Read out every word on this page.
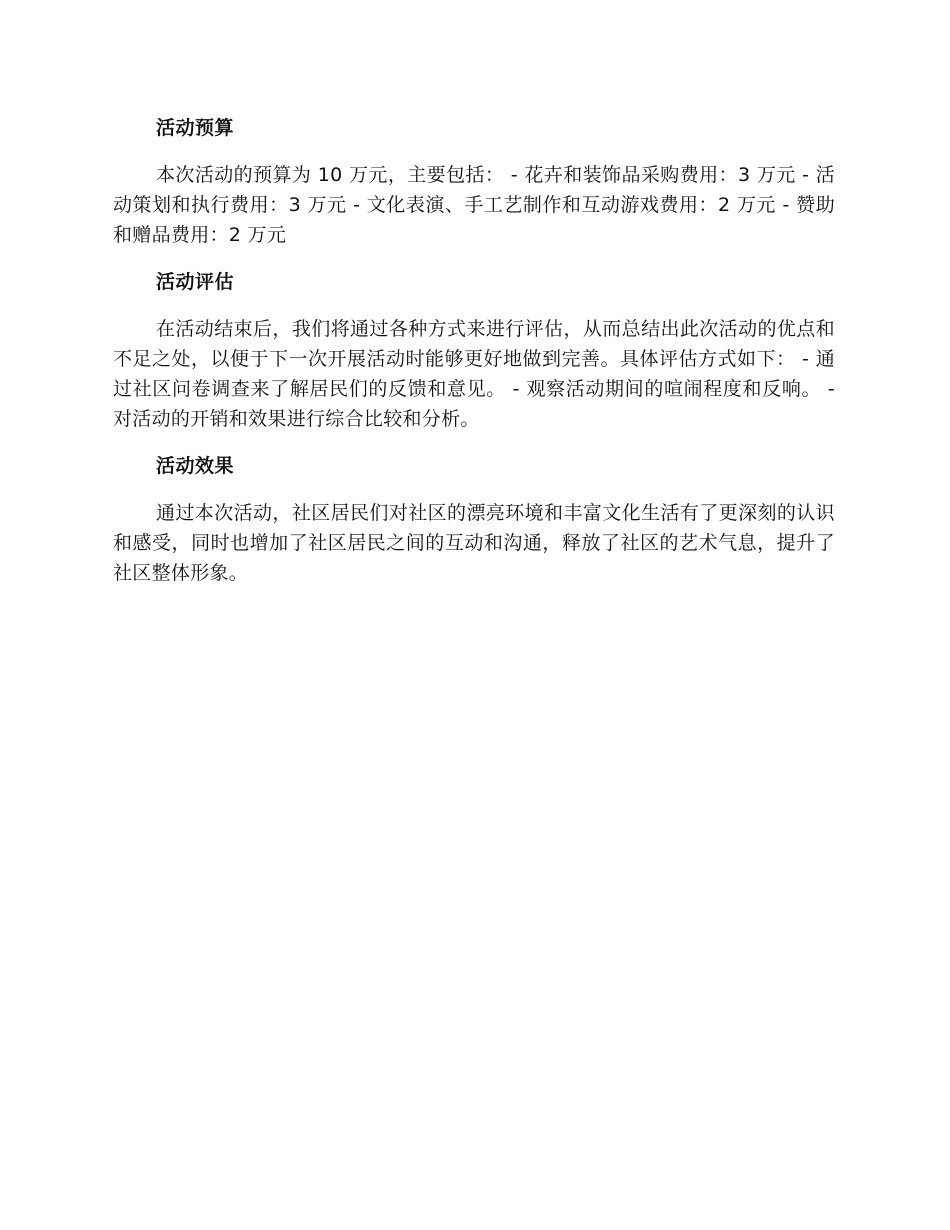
活动预算

本次活动的预算为 10 万元，主要包括： - 花卉和装饰品采购费用：3 万元 - 活动策划和执行费用：3 万元 - 文化表演、手工艺制作和互动游戏费用：2 万元 - 赞助和赠品费用：2 万元

活动评估

在活动结束后，我们将通过各种方式来进行评估，从而总结出此次活动的优点和不足之处，以便于下一次开展活动时能够更好地做到完善。具体评估方式如下： - 通过社区问卷调查来了解居民们的反馈和意见。 - 观察活动期间的喧闹程度和反响。 - 对活动的开销和效果进行综合比较和分析。

活动效果

通过本次活动，社区居民们对社区的漂亮环境和丰富文化生活有了更深刻的认识和感受，同时也增加了社区居民之间的互动和沟通，释放了社区的艺术气息，提升了社区整体形象。
